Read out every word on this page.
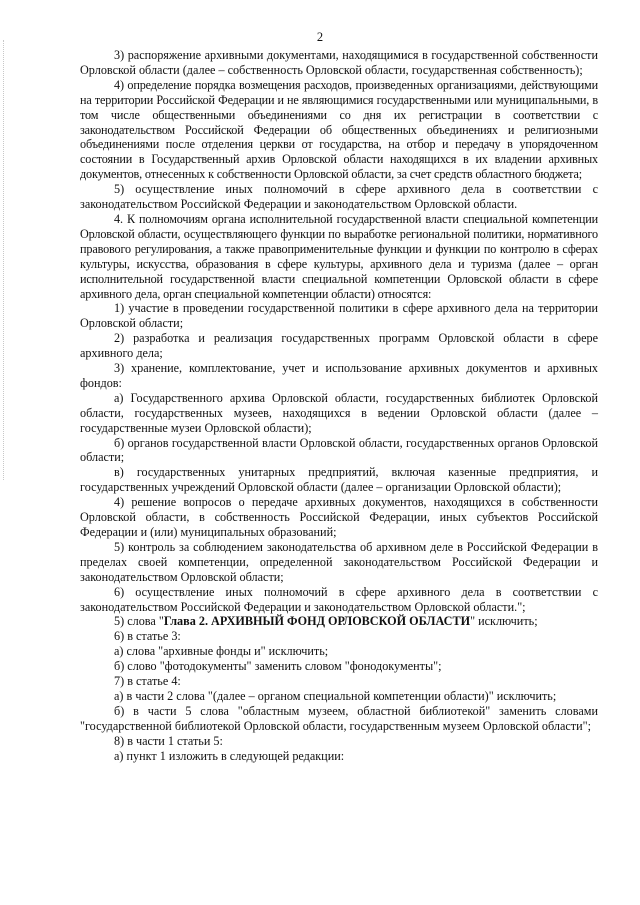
2

3) распоряжение архивными документами, находящимися в государственной собственности Орловской области (далее – собственность Орловской области, государственная собственность);

4) определение порядка возмещения расходов, произведенных организациями, действующими на территории Российской Федерации и не являющимися государственными или муниципальными, в том числе общественными объединениями со дня их регистрации в соответствии с законодательством Российской Федерации об общественных объединениях и религиозными объединениями после отделения церкви от государства, на отбор и передачу в упорядоченном состоянии в Государственный архив Орловской области находящихся в их владении архивных документов, отнесенных к собственности Орловской области, за счет средств областного бюджета;

5) осуществление иных полномочий в сфере архивного дела в соответствии с законодательством Российской Федерации и законодательством Орловской области.

4. К полномочиям органа исполнительной государственной власти специальной компетенции Орловской области, осуществляющего функции по выработке региональной политики, нормативного правового регулирования, а также правоприменительные функции и функции по контролю в сферах культуры, искусства, образования в сфере культуры, архивного дела и туризма (далее – орган исполнительной государственной власти специальной компетенции Орловской области в сфере архивного дела, орган специальной компетенции области) относятся:

1) участие в проведении государственной политики в сфере архивного дела на территории Орловской области;

2) разработка и реализация государственных программ Орловской области в сфере архивного дела;

3) хранение, комплектование, учет и использование архивных документов и архивных фондов:

а) Государственного архива Орловской области, государственных библиотек Орловской области, государственных музеев, находящихся в ведении Орловской области (далее – государственные музеи Орловской области);

б) органов государственной власти Орловской области, государственных органов Орловской области;

в) государственных унитарных предприятий, включая казенные предприятия, и государственных учреждений Орловской области (далее – организации Орловской области);

4) решение вопросов о передаче архивных документов, находящихся в собственности Орловской области, в собственность Российской Федерации, иных субъектов Российской Федерации и (или) муниципальных образований;

5) контроль за соблюдением законодательства об архивном деле в Российской Федерации в пределах своей компетенции, определенной законодательством Российской Федерации и законодательством Орловской области;

6) осуществление иных полномочий в сфере архивного дела в соответствии с законодательством Российской Федерации и законодательством Орловской области.";

5) слова "Глава 2. АРХИВНЫЙ ФОНД ОРЛОВСКОЙ ОБЛАСТИ" исключить;

6) в статье 3:

а) слова "архивные фонды и" исключить;

б) слово "фотодокументы" заменить словом "фонодокументы";

7) в статье 4:

а) в части 2 слова "(далее – органом специальной компетенции области)" исключить;

б) в части 5 слова "областным музеем, областной библиотекой" заменить словами "государственной библиотекой Орловской области, государственным музеем Орловской области";

8) в части 1 статьи 5:

а) пункт 1 изложить в следующей редакции:
